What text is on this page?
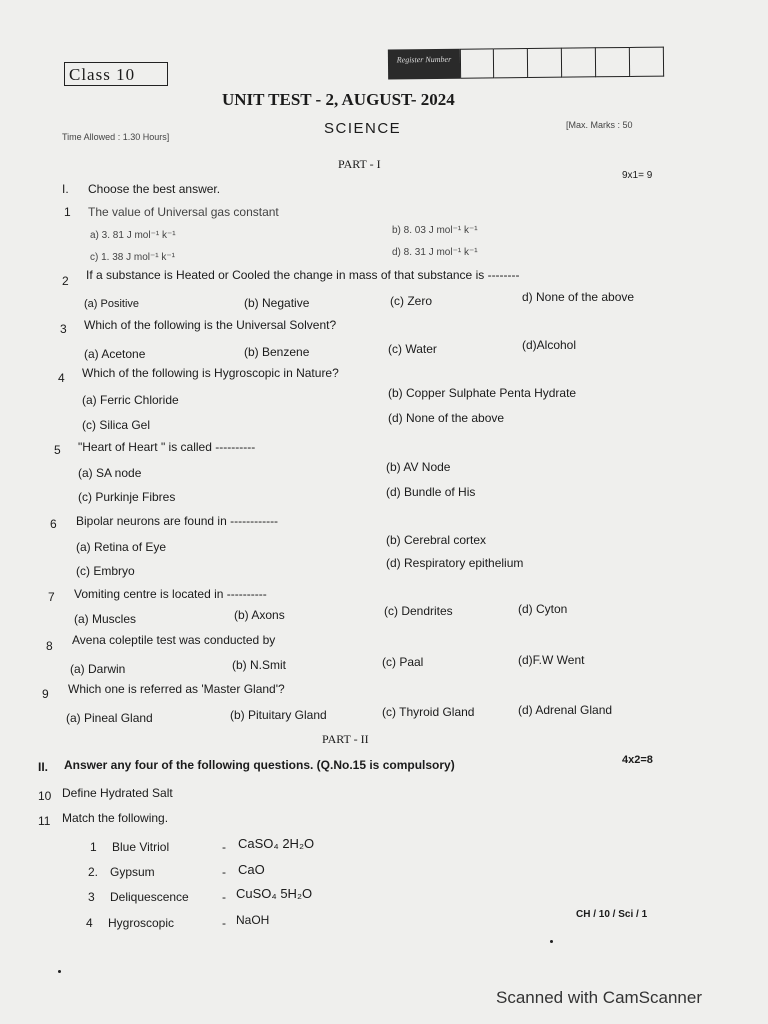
Class 10
Register Number
UNIT TEST - 2, AUGUST- 2024
SCIENCE
Time Allowed : 1.30 Hours]
[Max. Marks : 50
PART - I
9x1= 9
I. Choose the best answer.
1 The value of Universal gas constant
a) 3. 81 J mol⁻¹ k⁻¹	b) 8. 03 J mol⁻¹ k⁻¹
c) 1. 38 J mol⁻¹ k⁻¹	d) 8. 31 J mol⁻¹ k⁻¹
2 If a substance is Heated or Cooled the change in mass of that substance is --------
(a) Positive	(b) Negative	(c) Zero	d) None of the above
3 Which of the following is the Universal Solvent?
(a) Acetone	(b) Benzene	(c) Water	(d)Alcohol
4 Which of the following is Hygroscopic in Nature?
(a) Ferric Chloride	(b) Copper Sulphate Penta Hydrate
(c) Silica Gel	(d) None of the above
5 "Heart of Heart " is called ----------
(a) SA node	(b) AV Node
(c) Purkinje Fibres	(d) Bundle of His
6 Bipolar neurons are found in ------------
(a) Retina of Eye	(b) Cerebral cortex
(c) Embryo
(d) Respiratory epithelium
7 Vomiting centre is located in ----------
(a) Muscles	(b) Axons	(c) Dendrites	(d) Cyton
8 Avena coleptile test was conducted by
(a) Darwin	(b) N.Smit	(c) Paal	(d)F.W Went
9 Which one is referred as 'Master Gland'?
(a) Pineal Gland	(b) Pituitary Gland	(c) Thyroid Gland	(d) Adrenal Gland
PART - II
II. Answer any four of the following questions. (Q.No.15 is compulsory)	4x2=8
10 Define Hydrated Salt
11 Match the following.
1 Blue Vitriol	- CaSO₄ 2H₂O
2. Gypsum	- CaO
3 Deliquescence	- CuSO₄ 5H₂O
4 Hygroscopic	- NaOH	CH / 10 / Sci / 1
Scanned with CamScanner
